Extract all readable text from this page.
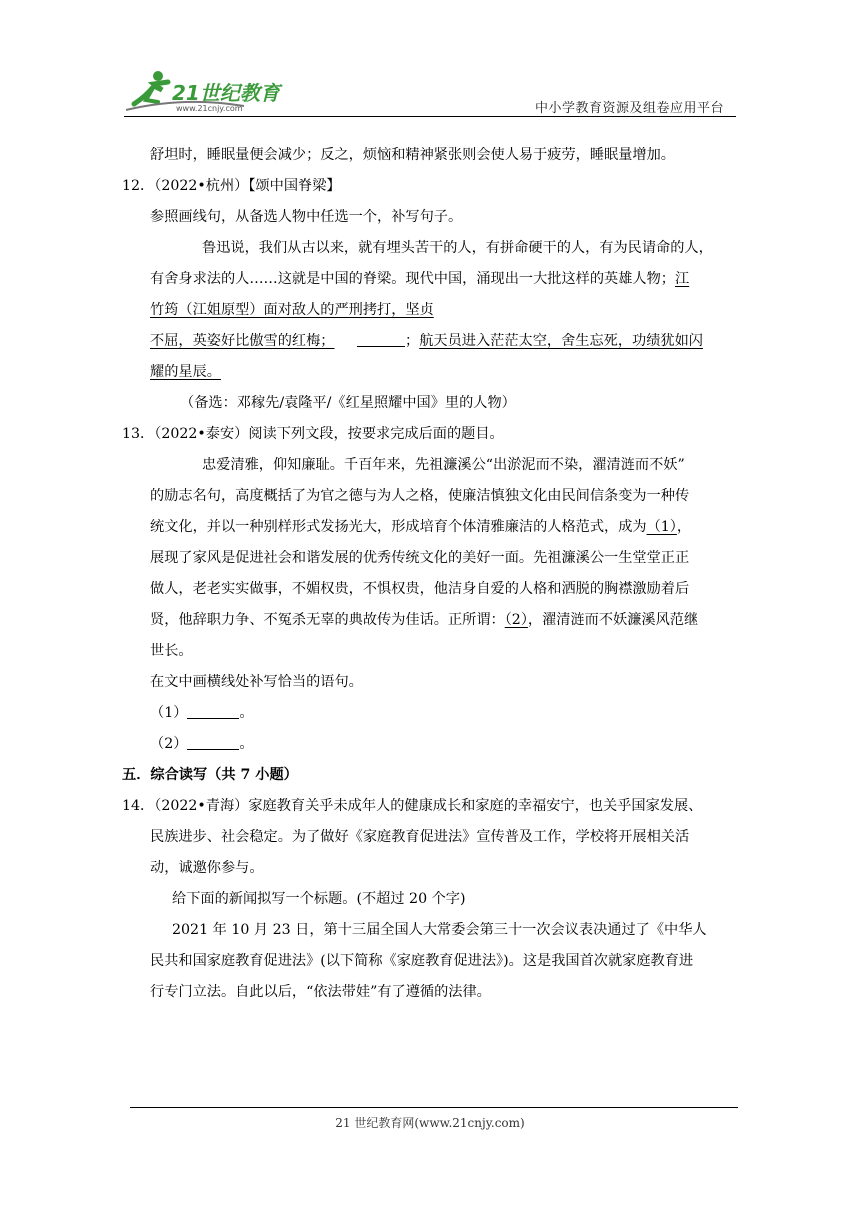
21世纪教育
www.21cnjy.com	中小学教育资源及组卷应用平台
舒坦时，睡眠量便会减少；反之，烦恼和精神紧张则会使人易于疲劳，睡眠量增加。
12．（2022•杭州）【颂中国脊梁】
参照画线句，从备选人物中任选一个，补写句子。
鲁迅说，我们从古以来，就有埋头苦干的人，有拼命硬干的人，有为民请命的人，
有舍身求法的人……这就是中国的脊梁。现代中国，涌现出一大批这样的英雄人物；江
竹筠（江姐原型）面对敌人的严刑拷打，坚贞
不屈，英姿好比傲雪的红梅；	；航天员进入茫茫太空，舍生忘死，功绩犹如闪
耀的星辰。
（备选：邓稼先/袁隆平/《红星照耀中国》里的人物）
13．（2022•泰安）阅读下列文段，按要求完成后面的题目。
忠爱清雅，仰知廉耻。千百年来，先祖濂溪公“出淤泥而不染，濯清涟而不妖”
的励志名句，高度概括了为官之德与为人之格，使廉洁慎独文化由民间信条变为一种传
统文化，并以一种别样形式发扬光大，形成培育个体清雅廉洁的人格范式，成为（1），
展现了家风是促进社会和谐发展的优秀传统文化的美好一面。先祖濂溪公一生堂堂正正
做人，老老实实做事，不媚权贵，不惧权贵，他洁身自爱的人格和洒脱的胸襟激励着后
贤，他辞职力争、不冤杀无辜的典故传为佳话。正所谓：（2），濯清涟而不妖濂溪风范继
世长。
在文中画横线处补写恰当的语句。
（1）	。
（2）	。
五．综合读写（共 7 小题）
14．（2022•青海）家庭教育关乎未成年人的健康成长和家庭的幸福安宁，也关乎国家发展、
民族进步、社会稳定。为了做好《家庭教育促进法》宣传普及工作，学校将开展相关活
动，诚邀你参与。
给下面的新闻拟写一个标题。(不超过 20 个字)
2021 年 10 月 23 日，第十三届全国人大常委会第三十一次会议表决通过了《中华人
民共和国家庭教育促进法》(以下简称《家庭教育促进法》)。这是我国首次就家庭教育进
行专门立法。自此以后，“依法带娃”有了遵循的法律。
21 世纪教育网(www.21cnjy.com)
